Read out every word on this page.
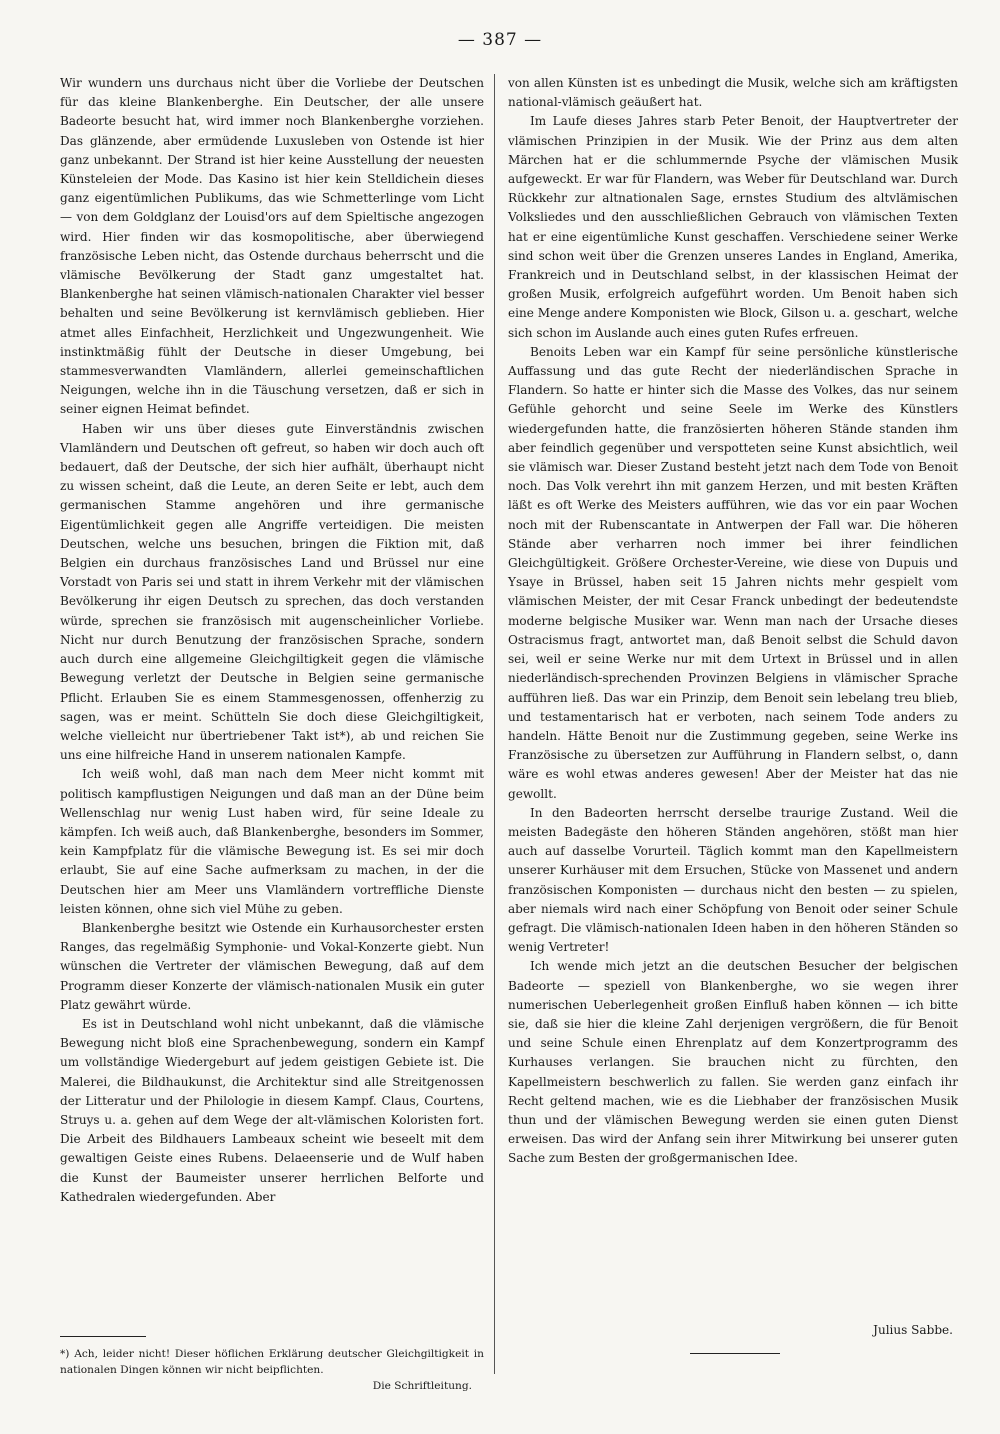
— 387 —

Wir wundern uns durchaus nicht über die Vorliebe der Deutschen für das kleine Blankenberghe. Ein Deutscher, der alle unsere Badeorte besucht hat, wird immer noch Blankenberghe vorziehen. Das glänzende, aber ermüdende Luxusleben von Ostende ist hier ganz unbekannt. Der Strand ist hier keine Ausstellung der neuesten Künsteleien der Mode. Das Kasino ist hier kein Stelldichein dieses ganz eigentümlichen Publikums, das wie Schmetterlinge vom Licht — von dem Goldglanz der Louisd'ors auf dem Spieltische angezogen wird. Hier finden wir das kosmopolitische, aber überwiegend französische Leben nicht, das Ostende durchaus beherrscht und die vlämische Bevölkerung der Stadt ganz umgestaltet hat. Blankenberghe hat seinen vlämisch-nationalen Charakter viel besser behalten und seine Bevölkerung ist kernvlämisch geblieben. Hier atmet alles Einfachheit, Herzlichkeit und Ungezwungenheit. Wie instinktmäßig fühlt der Deutsche in dieser Umgebung, bei stammesverwandten Vlamländern, allerlei gemeinschaftlichen Neigungen, welche ihn in die Täuschung versetzen, daß er sich in seiner eignen Heimat befindet.

Haben wir uns über dieses gute Einverständnis zwischen Vlamländern und Deutschen oft gefreut, so haben wir doch auch oft bedauert, daß der Deutsche, der sich hier aufhält, überhaupt nicht zu wissen scheint, daß die Leute, an deren Seite er lebt, auch dem germanischen Stamme angehören und ihre germanische Eigentümlichkeit gegen alle Angriffe verteidigen. Die meisten Deutschen, welche uns besuchen, bringen die Fiktion mit, daß Belgien ein durchaus französisches Land und Brüssel nur eine Vorstadt von Paris sei und statt in ihrem Verkehr mit der vlämischen Bevölkerung ihr eigen Deutsch zu sprechen, das doch verstanden würde, sprechen sie französisch mit augenscheinlicher Vorliebe. Nicht nur durch Benutzung der französischen Sprache, sondern auch durch eine allgemeine Gleichgiltigkeit gegen die vlämische Bewegung verletzt der Deutsche in Belgien seine germanische Pflicht. Erlauben Sie es einem Stammesgenossen, offenherzig zu sagen, was er meint. Schütteln Sie doch diese Gleichgiltigkeit, welche vielleicht nur übertriebener Takt ist*), ab und reichen Sie uns eine hilfreiche Hand in unserem nationalen Kampfe.

Ich weiß wohl, daß man nach dem Meer nicht kommt mit politisch kampflustigen Neigungen und daß man an der Düne beim Wellenschlag nur wenig Lust haben wird, für seine Ideale zu kämpfen. Ich weiß auch, daß Blankenberghe, besonders im Sommer, kein Kampfplatz für die vlämische Bewegung ist. Es sei mir doch erlaubt, Sie auf eine Sache aufmerksam zu machen, in der die Deutschen hier am Meer uns Vlamländern vortreffliche Dienste leisten können, ohne sich viel Mühe zu geben.

Blankenberghe besitzt wie Ostende ein Kurhausorchester ersten Ranges, das regelmäßig Symphonie- und Vokal-Konzerte giebt. Nun wünschen die Vertreter der vlämischen Bewegung, daß auf dem Programm dieser Konzerte der vlämisch-nationalen Musik ein guter Platz gewährt würde.

Es ist in Deutschland wohl nicht unbekannt, daß die vlämische Bewegung nicht bloß eine Sprachenbewegung, sondern ein Kampf um vollständige Wiedergeburt auf jedem geistigen Gebiete ist. Die Malerei, die Bildhaukunst, die Architektur sind alle Streitgenossen der Litteratur und der Philologie in diesem Kampf. Claus, Courtens, Struys u. a. gehen auf dem Wege der alt-vlämischen Koloristen fort. Die Arbeit des Bildhauers Lambeaux scheint wie beseelt mit dem gewaltigen Geiste eines Rubens. Delaeenserie und de Wulf haben die Kunst der Baumeister unserer herrlichen Belforte und Kathedralen wiedergefunden. Aber

von allen Künsten ist es unbedingt die Musik, welche sich am kräftigsten national-vlämisch geäußert hat.

Im Laufe dieses Jahres starb Peter Benoit, der Hauptvertreter der vlämischen Prinzipien in der Musik. Wie der Prinz aus dem alten Märchen hat er die schlummernde Psyche der vlämischen Musik aufgeweckt. Er war für Flandern, was Weber für Deutschland war. Durch Rückkehr zur altnationalen Sage, ernstes Studium des altvlämischen Volksliedes und den ausschließlichen Gebrauch von vlämischen Texten hat er eine eigentümliche Kunst geschaffen. Verschiedene seiner Werke sind schon weit über die Grenzen unseres Landes in England, Amerika, Frankreich und in Deutschland selbst, in der klassischen Heimat der großen Musik, erfolgreich aufgeführt worden. Um Benoit haben sich eine Menge andere Komponisten wie Block, Gilson u. a. geschart, welche sich schon im Auslande auch eines guten Rufes erfreuen.

Benoits Leben war ein Kampf für seine persönliche künstlerische Auffassung und das gute Recht der niederländischen Sprache in Flandern. So hatte er hinter sich die Masse des Volkes, das nur seinem Gefühle gehorcht und seine Seele im Werke des Künstlers wiedergefunden hatte, die französierten höheren Stände standen ihm aber feindlich gegenüber und verspotteten seine Kunst absichtlich, weil sie vlämisch war. Dieser Zustand besteht jetzt nach dem Tode von Benoit noch. Das Volk verehrt ihn mit ganzem Herzen, und mit besten Kräften läßt es oft Werke des Meisters aufführen, wie das vor ein paar Wochen noch mit der Rubenscantate in Antwerpen der Fall war. Die höheren Stände aber verharren noch immer bei ihrer feindlichen Gleichgültigkeit. Größere Orchester-Vereine, wie diese von Dupuis und Ysaye in Brüssel, haben seit 15 Jahren nichts mehr gespielt vom vlämischen Meister, der mit Cesar Franck unbedingt der bedeutendste moderne belgische Musiker war. Wenn man nach der Ursache dieses Ostracismus fragt, antwortet man, daß Benoit selbst die Schuld davon sei, weil er seine Werke nur mit dem Urtext in Brüssel und in allen niederländisch-sprechenden Provinzen Belgiens in vlämischer Sprache aufführen ließ. Das war ein Prinzip, dem Benoit sein lebelang treu blieb, und testamentarisch hat er verboten, nach seinem Tode anders zu handeln. Hätte Benoit nur die Zustimmung gegeben, seine Werke ins Französische zu übersetzen zur Aufführung in Flandern selbst, o, dann wäre es wohl etwas anderes gewesen! Aber der Meister hat das nie gewollt.

In den Badeorten herrscht derselbe traurige Zustand. Weil die meisten Badegäste den höheren Ständen angehören, stößt man hier auch auf dasselbe Vorurteil. Täglich kommt man den Kapellmeistern unserer Kurhäuser mit dem Ersuchen, Stücke von Massenet und andern französischen Komponisten — durchaus nicht den besten — zu spielen, aber niemals wird nach einer Schöpfung von Benoit oder seiner Schule gefragt. Die vlämisch-nationalen Ideen haben in den höheren Ständen so wenig Vertreter!

Ich wende mich jetzt an die deutschen Besucher der belgischen Badeorte — speziell von Blankenberghe, wo sie wegen ihrer numerischen Ueberlegenheit großen Einfluß haben können — ich bitte sie, daß sie hier die kleine Zahl derjenigen vergrößern, die für Benoit und seine Schule einen Ehrenplatz auf dem Konzertprogramm des Kurhauses verlangen. Sie brauchen nicht zu fürchten, den Kapellmeistern beschwerlich zu fallen. Sie werden ganz einfach ihr Recht geltend machen, wie es die Liebhaber der französischen Musik thun und der vlämischen Bewegung werden sie einen guten Dienst erweisen. Das wird der Anfang sein ihrer Mitwirkung bei unserer guten Sache zum Besten der großgermanischen Idee.

Julius Sabbe.
*) Ach, leider nicht! Dieser höflichen Erklärung deutscher Gleichgiltigkeit in nationalen Dingen können wir nicht beipflichten.
Die Schriftleitung.
